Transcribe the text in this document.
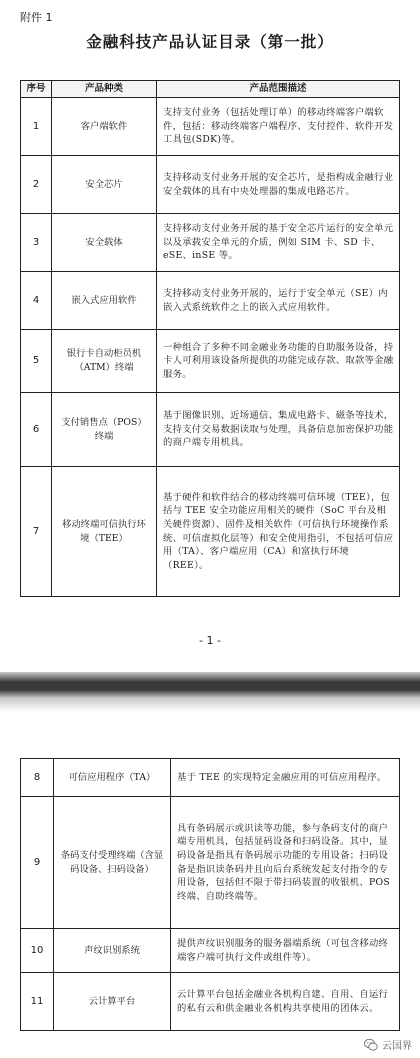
附件 1
金融科技产品认证目录（第一批）
序号	产品种类	产品范围描述
1	客户端软件	支持支付业务（包括处理订单）的移动终端客户端软件，包括：移动终端客户端程序、支付控件、软件开发工具包(SDK)等。
2	安全芯片	支持移动支付业务开展的安全芯片，是指构成金融行业安全载体的具有中央处理器的集成电路芯片。
3	安全载体	支持移动支付业务开展的基于安全芯片运行的安全单元以及承载安全单元的介质，例如 SIM 卡、SD 卡、eSE、inSE 等。
4	嵌入式应用软件	支持移动支付业务开展的，运行于安全单元（SE）内嵌入式系统软件之上的嵌入式应用软件。
5	银行卡自动柜员机（ATM）终端	一种组合了多种不同金融业务功能的自助服务设备，持卡人可利用该设备所提供的功能完成存款、取款等金融服务。
6	支付销售点（POS）终端	基于图像识别、近场通信、集成电路卡、磁条等技术，支持支付交易数据读取与处理，具备信息加密保护功能的商户端专用机具。
7	移动终端可信执行环境（TEE）	基于硬件和软件结合的移动终端可信环境（TEE），包括与 TEE 安全功能应用相关的硬件（SoC 平台及相关硬件资源）、固件及相关软件（可信执行环境操作系统、可信虚拟化层等）和安全使用指引，不包括可信应用（TA）、客户端应用（CA）和富执行环境（REE）。
- 1 -
8	可信应用程序（TA）	基于 TEE 的实现特定金融应用的可信应用程序。
9	条码支付受理终端（含显码设备、扫码设备）	具有条码展示或识读等功能，参与条码支付的商户端专用机具，包括显码设备和扫码设备。其中，显码设备是指具有条码展示功能的专用设备；扫码设备是指识读条码并且向后台系统发起支付指令的专用设备，包括但不限于带扫码装置的收银机、POS 终端、自助终端等。
10	声纹识别系统	提供声纹识别服务的服务器端系统（可包含移动终端客户端可执行文件或组件等）。
11	云计算平台	云计算平台包括金融业各机构自建、自用、自运行的私有云和供金融业各机构共享使用的团体云。
云国界
